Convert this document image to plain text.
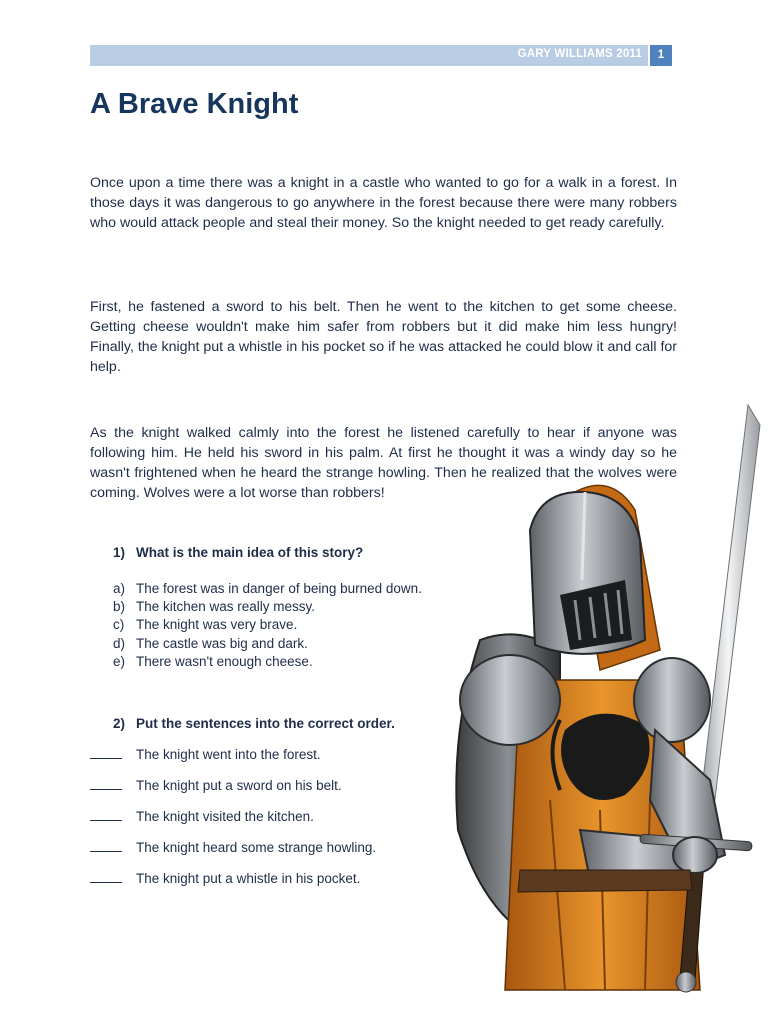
GARY WILLIAMS 2011	1
A Brave Knight

Once upon a time there was a knight in a castle who wanted to go for a walk in a forest. In those days it was dangerous to go anywhere in the forest because there were many robbers who would attack people and steal their money. So the knight needed to get ready carefully.

First, he fastened a sword to his belt. Then he went to the kitchen to get some cheese. Getting cheese wouldn't make him safer from robbers but it did make him less hungry! Finally, the knight put a whistle in his pocket so if he was attacked he could blow it and call for help.

As the knight walked calmly into the forest he listened carefully to hear if anyone was following him. He held his sword in his palm. At first he thought it was a windy day so he wasn't frightened when he heard the strange howling. Then he realized that the wolves were coming. Wolves were a lot worse than robbers!

1) What is the main idea of this story?
a) The forest was in danger of being burned down.
b) The kitchen was really messy.
c) The knight was very brave.
d) The castle was big and dark.
e) There wasn't enough cheese.
2) Put the sentences into the correct order.
The knight went into the forest.
The knight put a sword on his belt.
The knight visited the kitchen.
The knight heard some strange howling.
The knight put a whistle in his pocket.
